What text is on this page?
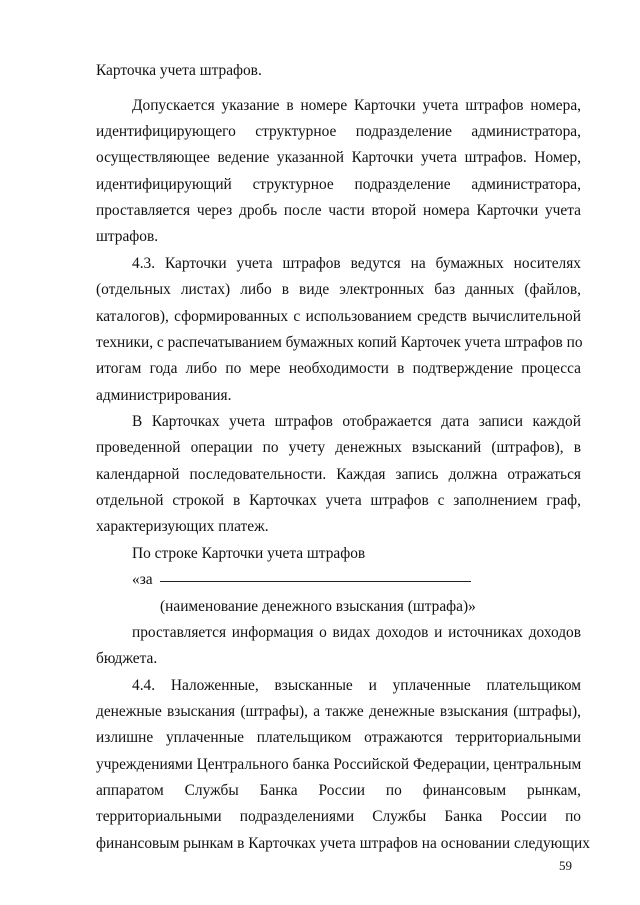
Карточка учета штрафов.
Допускается указание в номере Карточки учета штрафов номера,
идентифицирующего структурное подразделение администратора,
осуществляющее ведение указанной Карточки учета штрафов. Номер,
идентифицирующий структурное подразделение администратора,
проставляется через дробь после части второй номера Карточки учета
штрафов.
4.3. Карточки учета штрафов ведутся на бумажных носителях
(отдельных листах) либо в виде электронных баз данных (файлов,
каталогов), сформированных с использованием средств вычислительной
техники, с распечатыванием бумажных копий Карточек учета штрафов по
итогам года либо по мере необходимости в подтверждение процесса
администрирования.
В Карточках учета штрафов отображается дата записи каждой
проведенной операции по учету денежных взысканий (штрафов), в
календарной последовательности. Каждая запись должна отражаться
отдельной строкой в Карточках учета штрафов с заполнением граф,
характеризующих платеж.
По строке Карточки учета штрафов
«за
(наименование денежного взыскания (штрафа)»
проставляется информация о видах доходов и источниках доходов
бюджета.
4.4. Наложенные, взысканные и уплаченные плательщиком
денежные взыскания (штрафы), а также денежные взыскания (штрафы),
излишне уплаченные плательщиком отражаются территориальными
учреждениями Центрального банка Российской Федерации, центральным
аппаратом Службы Банка России по финансовым рынкам,
территориальными подразделениями Службы Банка России по
финансовым рынкам в Карточках учета штрафов на основании следующих
59
